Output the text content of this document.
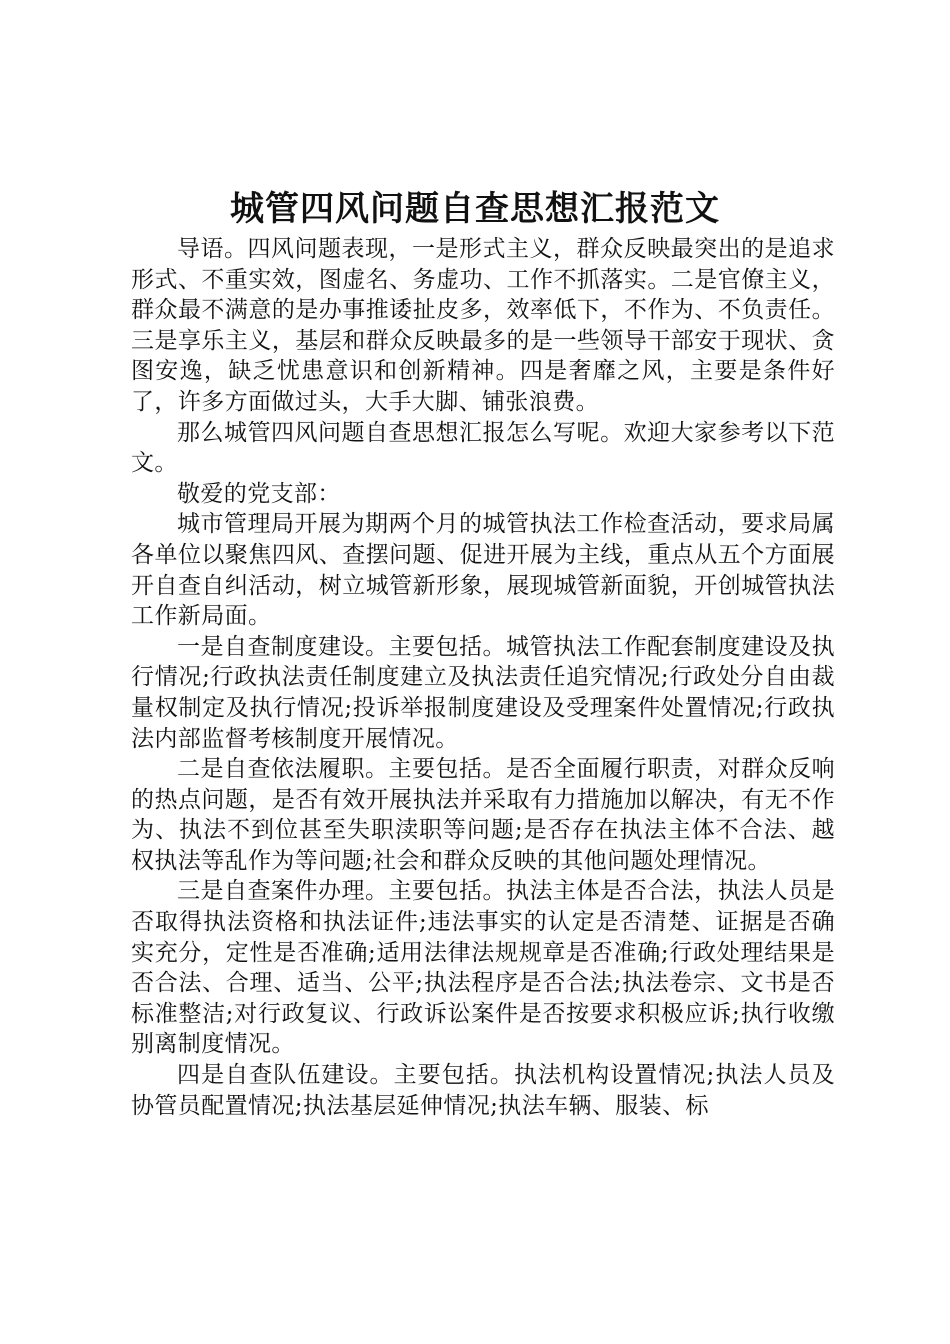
城管四风问题自查思想汇报范文

导语。四风问题表现，一是形式主义，群众反映最突出的是追求形式、不重实效，图虚名、务虚功、工作不抓落实。二是官僚主义，群众最不满意的是办事推诿扯皮多，效率低下，不作为、不负责任。三是享乐主义，基层和群众反映最多的是一些领导干部安于现状、贪图安逸，缺乏忧患意识和创新精神。四是奢靡之风，主要是条件好了，许多方面做过头，大手大脚、铺张浪费。

那么城管四风问题自查思想汇报怎么写呢。欢迎大家参考以下范文。

敬爱的党支部：

城市管理局开展为期两个月的城管执法工作检查活动，要求局属各单位以聚焦四风、查摆问题、促进开展为主线，重点从五个方面展开自查自纠活动，树立城管新形象，展现城管新面貌，开创城管执法工作新局面。

一是自查制度建设。主要包括。城管执法工作配套制度建设及执行情况;行政执法责任制度建立及执法责任追究情况;行政处分自由裁量权制定及执行情况;投诉举报制度建设及受理案件处置情况;行政执法内部监督考核制度开展情况。

二是自查依法履职。主要包括。是否全面履行职责，对群众反响的热点问题，是否有效开展执法并采取有力措施加以解决，有无不作为、执法不到位甚至失职渎职等问题;是否存在执法主体不合法、越权执法等乱作为等问题;社会和群众反映的其他问题处理情况。

三是自查案件办理。主要包括。执法主体是否合法，执法人员是否取得执法资格和执法证件;违法事实的认定是否清楚、证据是否确实充分，定性是否准确;适用法律法规规章是否准确;行政处理结果是否合法、合理、适当、公平;执法程序是否合法;执法卷宗、文书是否标准整洁;对行政复议、行政诉讼案件是否按要求积极应诉;执行收缴别离制度情况。

四是自查队伍建设。主要包括。执法机构设置情况;执法人员及协管员配置情况;执法基层延伸情况;执法车辆、服装、标
